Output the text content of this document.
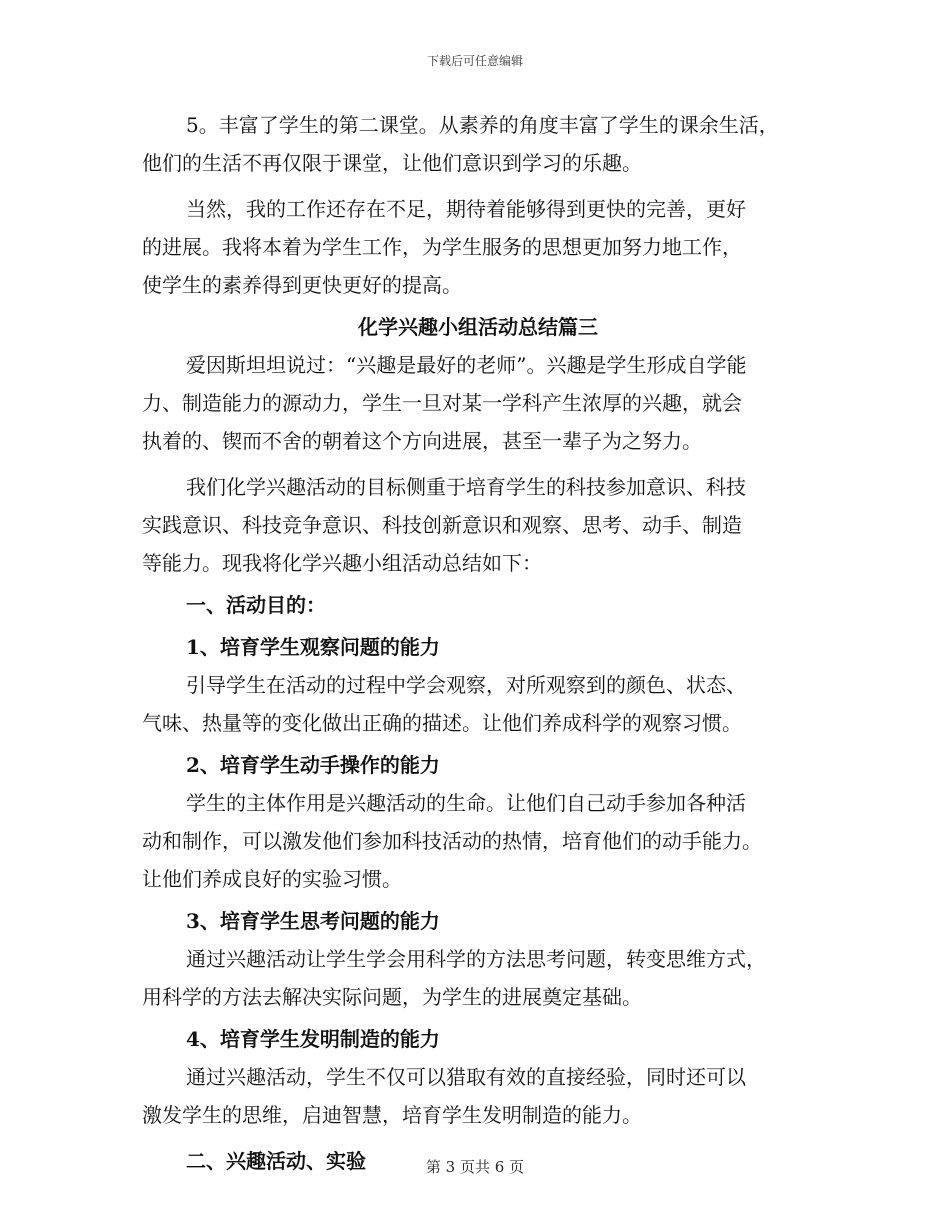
下载后可任意编辑
5。丰富了学生的第二课堂。从素养的角度丰富了学生的课余生活，
他们的生活不再仅限于课堂，让他们意识到学习的乐趣。
当然，我的工作还存在不足，期待着能够得到更快的完善，更好
的进展。我将本着为学生工作，为学生服务的思想更加努力地工作，
使学生的素养得到更快更好的提高。
化学兴趣小组活动总结篇三
爱因斯坦坦说过：“兴趣是最好的老师”。兴趣是学生形成自学能
力、制造能力的源动力，学生一旦对某一学科产生浓厚的兴趣，就会
执着的、锲而不舍的朝着这个方向进展，甚至一辈子为之努力。
我们化学兴趣活动的目标侧重于培育学生的科技参加意识、科技
实践意识、科技竞争意识、科技创新意识和观察、思考、动手、制造
等能力。现我将化学兴趣小组活动总结如下：
一、活动目的：
1、培育学生观察问题的能力
引导学生在活动的过程中学会观察，对所观察到的颜色、状态、
气味、热量等的变化做出正确的描述。让他们养成科学的观察习惯。
2、培育学生动手操作的能力
学生的主体作用是兴趣活动的生命。让他们自己动手参加各种活
动和制作，可以激发他们参加科技活动的热情，培育他们的动手能力。
让他们养成良好的实验习惯。
3、培育学生思考问题的能力
通过兴趣活动让学生学会用科学的方法思考问题，转变思维方式，
用科学的方法去解决实际问题，为学生的进展奠定基础。
4、培育学生发明制造的能力
通过兴趣活动，学生不仅可以猎取有效的直接经验，同时还可以
激发学生的思维，启迪智慧，培育学生发明制造的能力。
二、兴趣活动、实验	第 3 页共 6 页
